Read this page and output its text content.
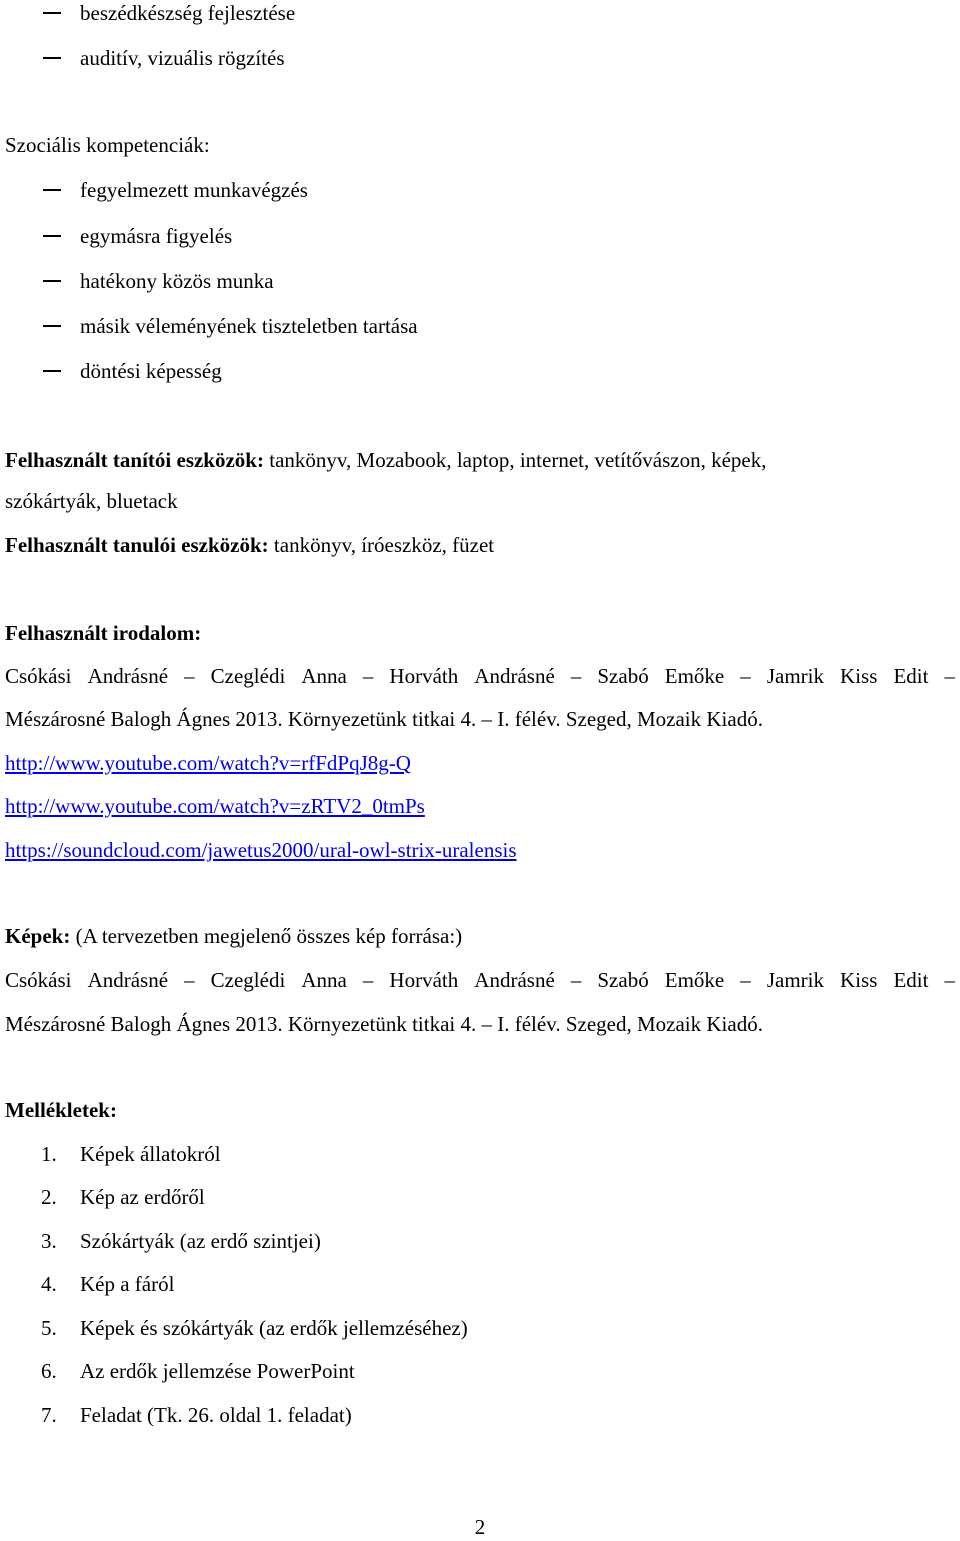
beszédkészség fejlesztése
auditív, vizuális rögzítés
Szociális kompetenciák:
fegyelmezett munkavégzés
egymásra figyelés
hatékony közös munka
másik véleményének tiszteletben tartása
döntési képesség
Felhasznált tanítói eszközök: tankönyv, Mozabook, laptop, internet, vetítővászon, képek,
szókártyák, bluetack
Felhasznált tanulói eszközök: tankönyv, íróeszköz, füzet
Felhasznált irodalom:
Csókási Andrásné – Czeglédi Anna – Horváth Andrásné – Szabó Emőke – Jamrik Kiss Edit –
Mészárosné Balogh Ágnes 2013. Környezetünk titkai 4. – I. félév. Szeged, Mozaik Kiadó.
http://www.youtube.com/watch?v=rfFdPqJ8g-Q
http://www.youtube.com/watch?v=zRTV2_0tmPs
https://soundcloud.com/jawetus2000/ural-owl-strix-uralensis
Képek: (A tervezetben megjelenő összes kép forrása:)
Csókási Andrásné – Czeglédi Anna – Horváth Andrásné – Szabó Emőke – Jamrik Kiss Edit –
Mészárosné Balogh Ágnes 2013. Környezetünk titkai 4. – I. félév. Szeged, Mozaik Kiadó.
Mellékletek:
1. Képek állatokról
2. Kép az erdőről
3. Szókártyák (az erdő szintjei)
4. Kép a fáról
5. Képek és szókártyák (az erdők jellemzéséhez)
6. Az erdők jellemzése PowerPoint
7. Feladat (Tk. 26. oldal 1. feladat)
2
